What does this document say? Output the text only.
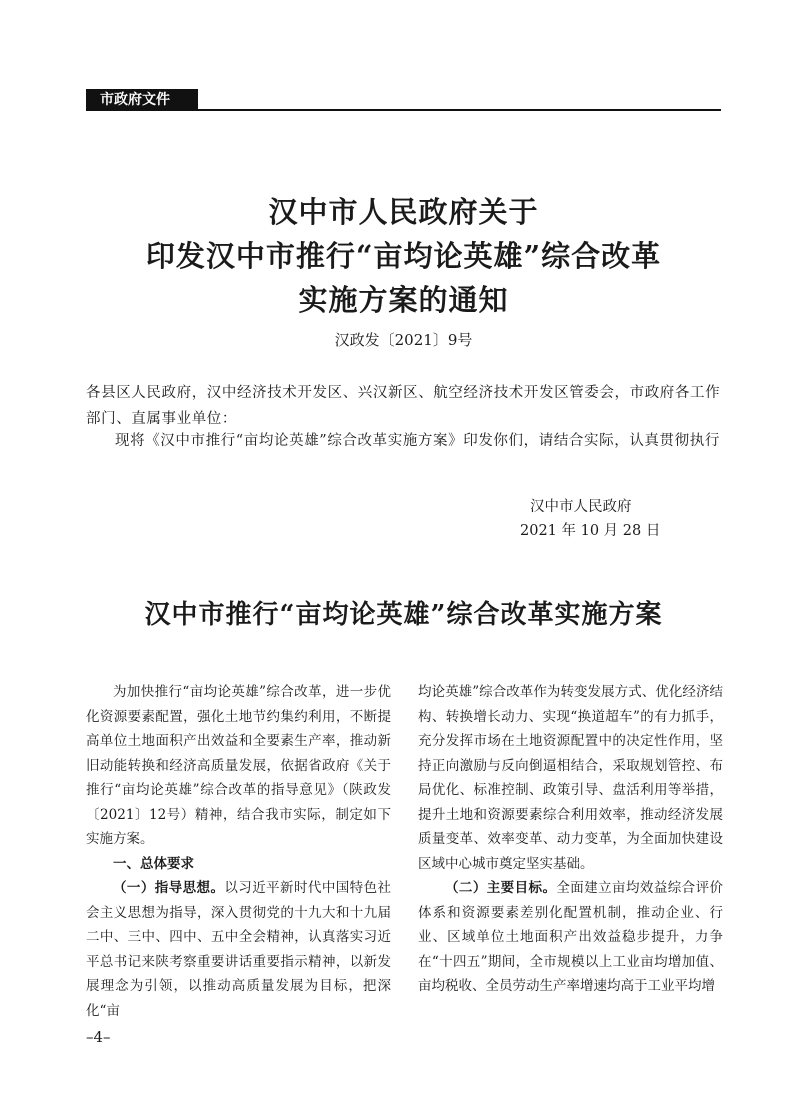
市政府文件
汉中市人民政府关于
印发汉中市推行“亩均论英雄”综合改革
实施方案的通知
汉政发〔2021〕9号
各县区人民政府，汉中经济技术开发区、兴汉新区、航空经济技术开发区管委会，市政府各工作部门、直属事业单位：
现将《汉中市推行“亩均论英雄”综合改革实施方案》印发你们，请结合实际，认真贯彻执行
汉中市人民政府
2021 年 10 月 28 日
汉中市推行“亩均论英雄”综合改革实施方案

为加快推行“亩均论英雄”综合改革，进一步优化资源要素配置，强化土地节约集约利用，不断提高单位土地面积产出效益和全要素生产率，推动新旧动能转换和经济高质量发展，依据省政府《关于推行“亩均论英雄”综合改革的指导意见》（陕政发〔2021〕12号）精神，结合我市实际，制定如下实施方案。

一、总体要求

（一）指导思想。以习近平新时代中国特色社会主义思想为指导，深入贯彻党的十九大和十九届二中、三中、四中、五中全会精神，认真落实习近平总书记来陕考察重要讲话重要指示精神，以新发展理念为引领，以推动高质量发展为目标，把深化“亩

均论英雄”综合改革作为转变发展方式、优化经济结构、转换增长动力、实现“换道超车”的有力抓手，充分发挥市场在土地资源配置中的决定性作用，坚持正向激励与反向倒逼相结合，采取规划管控、布局优化、标准控制、政策引导、盘活利用等举措，提升土地和资源要素综合利用效率，推动经济发展质量变革、效率变革、动力变革，为全面加快建设区域中心城市奠定坚实基础。

（二）主要目标。全面建立亩均效益综合评价体系和资源要素差别化配置机制，推动企业、行业、区域单位土地面积产出效益稳步提升，力争在“十四五”期间，全市规模以上工业亩均增加值、亩均税收、全员劳动生产率增速均高于工业平均增

–4–
